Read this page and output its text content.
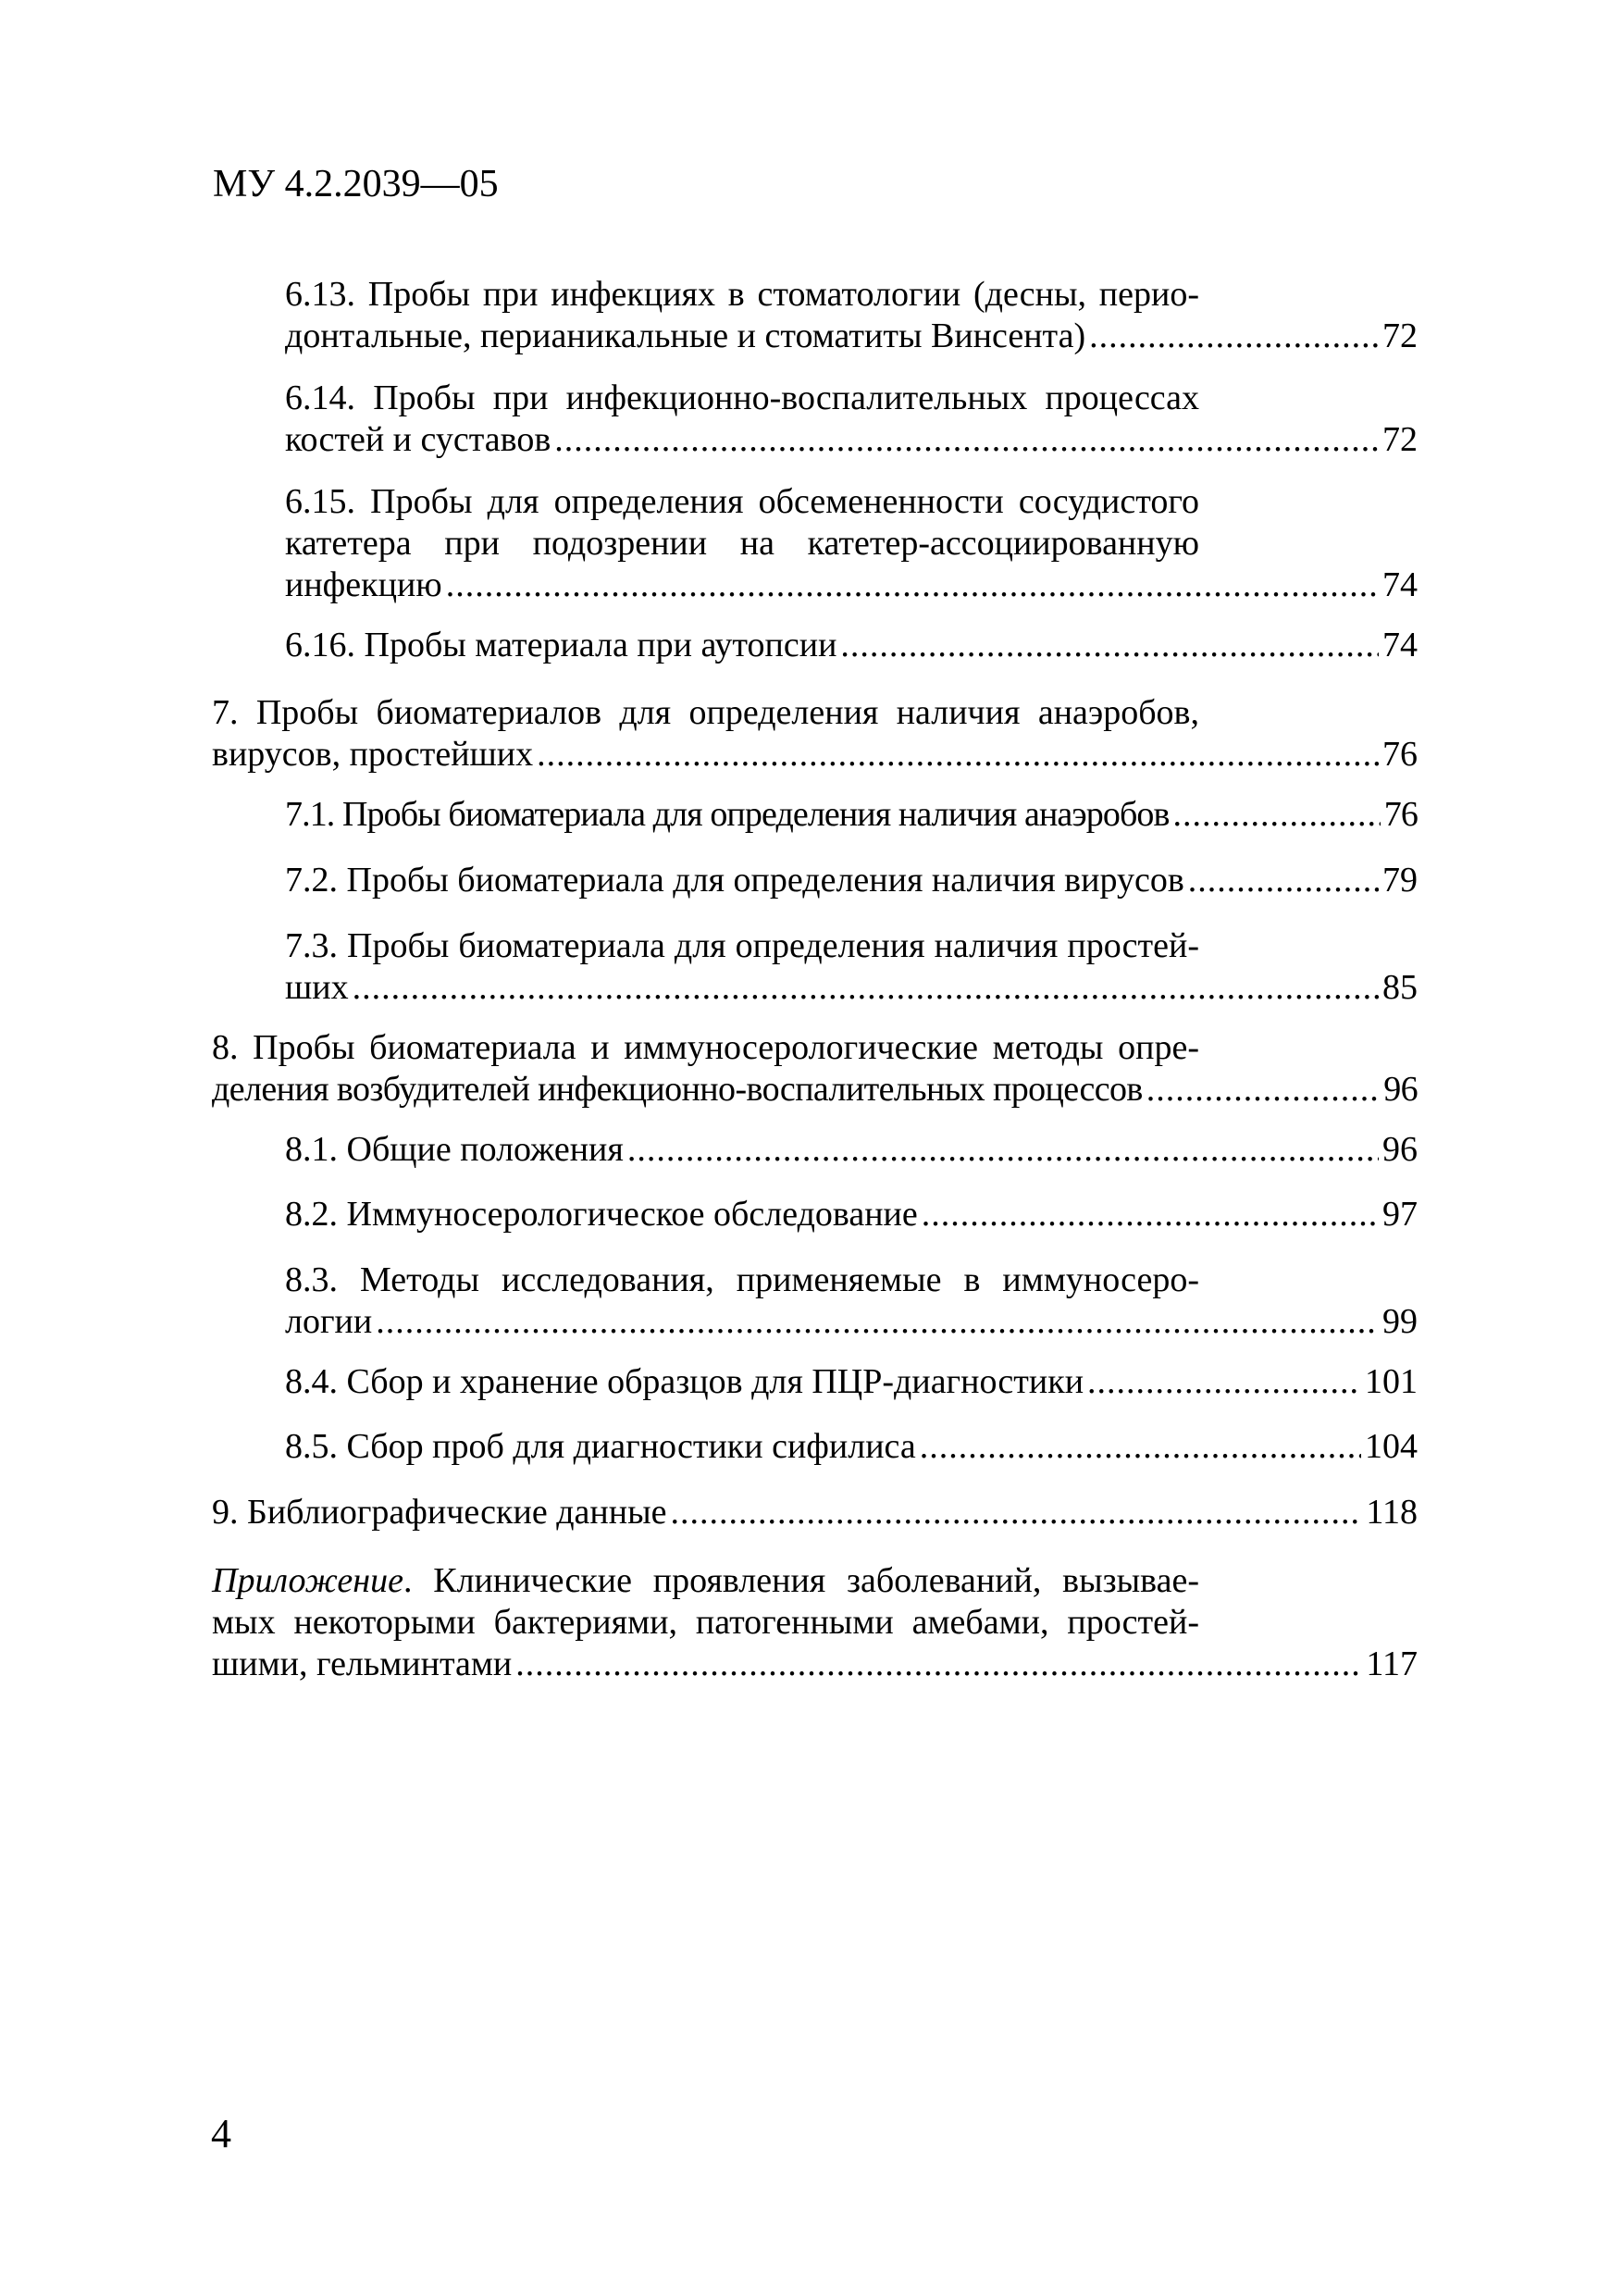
МУ 4.2.2039—05
6.13. Пробы при инфекциях в стоматологии (десны, перио-
донтальные, перианикальные и стоматиты Винсента) .....	72
6.14. Пробы при инфекционно-воспалительных процессах
костей и суставов .....	72
6.15. Пробы для определения обсемененности сосудистого
катетера при подозрении на катетер-ассоциированную
инфекцию .....	74
6.16. Пробы материала при аутопсии .....	74
7. Пробы биоматериалов для определения наличия анаэробов,
вирусов, простейших .....	76
7.1. Пробы биоматериала для определения наличия анаэробов .....	76
7.2. Пробы биоматериала для определения наличия вирусов .....	79
7.3. Пробы биоматериала для определения наличия простей-
ших .....	85
8. Пробы биоматериала и иммуносерологические методы опре-
деления возбудителей инфекционно-воспалительных процессов .....	96
8.1. Общие положения .....	96
8.2. Иммуносерологическое обследование .....	97
8.3. Методы исследования, применяемые в иммуносеро-
логии .....	99
8.4. Сбор и хранение образцов для ПЦР-диагностики .....	101
8.5. Сбор проб для диагностики сифилиса .....	104
9. Библиографические данные .....	118
Приложение. Клинические проявления заболеваний, вызывае-
мых некоторыми бактериями, патогенными амебами, простей-
шими, гельминтами .....	117
4
